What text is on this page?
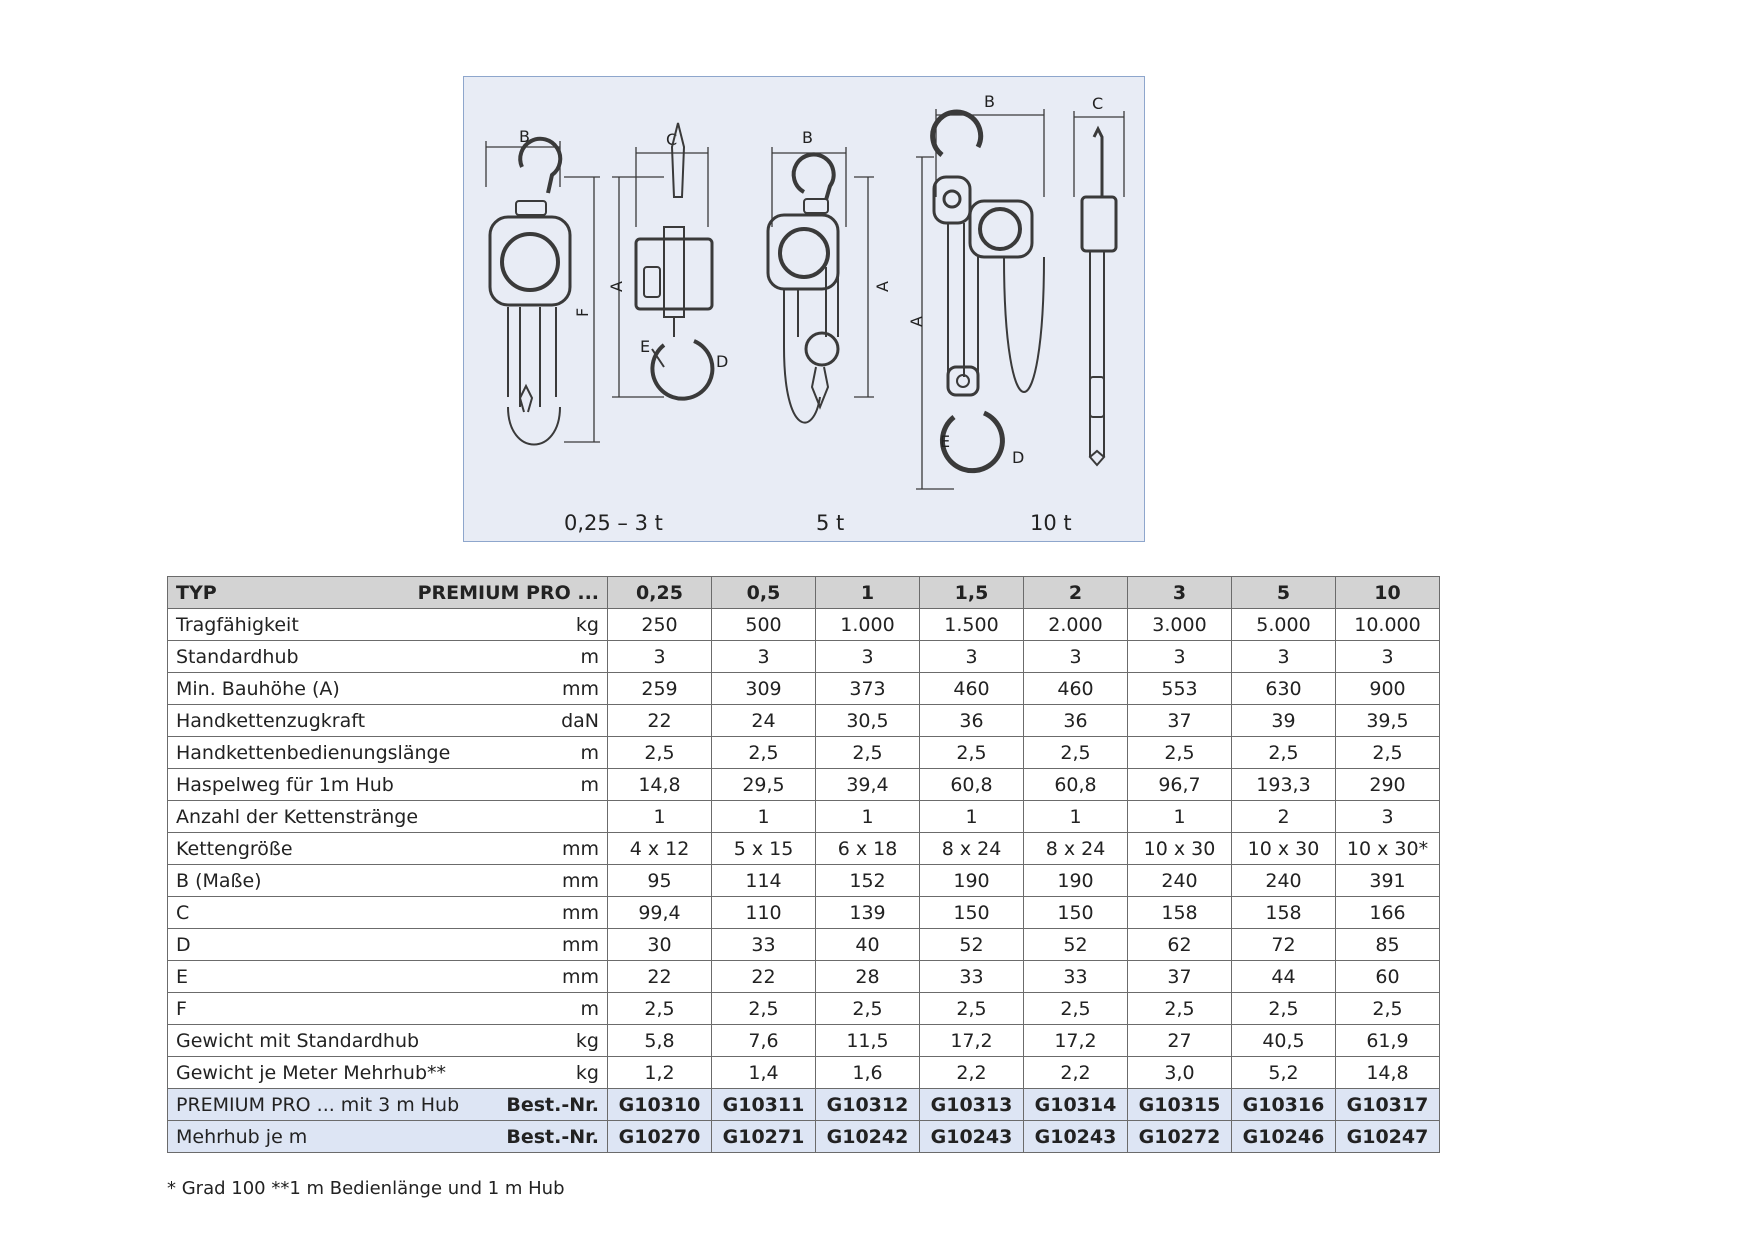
B
F
A
C
E
D
B
A
B
A
E
D
C
0,25 – 3 t	5 t	10 t
TYP PREMIUM PRO ...	0,25	0,5	1	1,5	2	3	5	10

Tragfähigkeit kg	250	500	1.000	1.500	2.000	3.000	5.000	10.000

Standardhub m	3	3	3	3	3	3	3	3

Min. Bauhöhe (A) mm	259	309	373	460	460	553	630	900

Handkettenzugkraft daN	22	24	30,5	36	36	37	39	39,5

Handkettenbedienungslänge m	2,5	2,5	2,5	2,5	2,5	2,5	2,5	2,5

Haspelweg für 1m Hub m	14,8	29,5	39,4	60,8	60,8	96,7	193,3	290

Anzahl der Kettenstränge	1	1	1	1	1	1	2	3

Kettengröße mm	4 x 12	5 x 15	6 x 18	8 x 24	8 x 24	10 x 30	10 x 30	10 x 30*

B (Maße) mm	95	114	152	190	190	240	240	391

C mm	99,4	110	139	150	150	158	158	166

D mm	30	33	40	52	52	62	72	85

E mm	22	22	28	33	33	37	44	60

F m	2,5	2,5	2,5	2,5	2,5	2,5	2,5	2,5

Gewicht mit Standardhub kg	5,8	7,6	11,5	17,2	17,2	27	40,5	61,9

Gewicht je Meter Mehrhub** kg	1,2	1,4	1,6	2,2	2,2	3,0	5,2	14,8

PREMIUM PRO ... mit 3 m Hub Best.-Nr.	G10310	G10311	G10312	G10313	G10314	G10315	G10316	G10317

Mehrhub je m Best.-Nr.	G10270	G10271	G10242	G10243	G10243	G10272	G10246	G10247
* Grad 100 **1 m Bedienlänge und 1 m Hub
